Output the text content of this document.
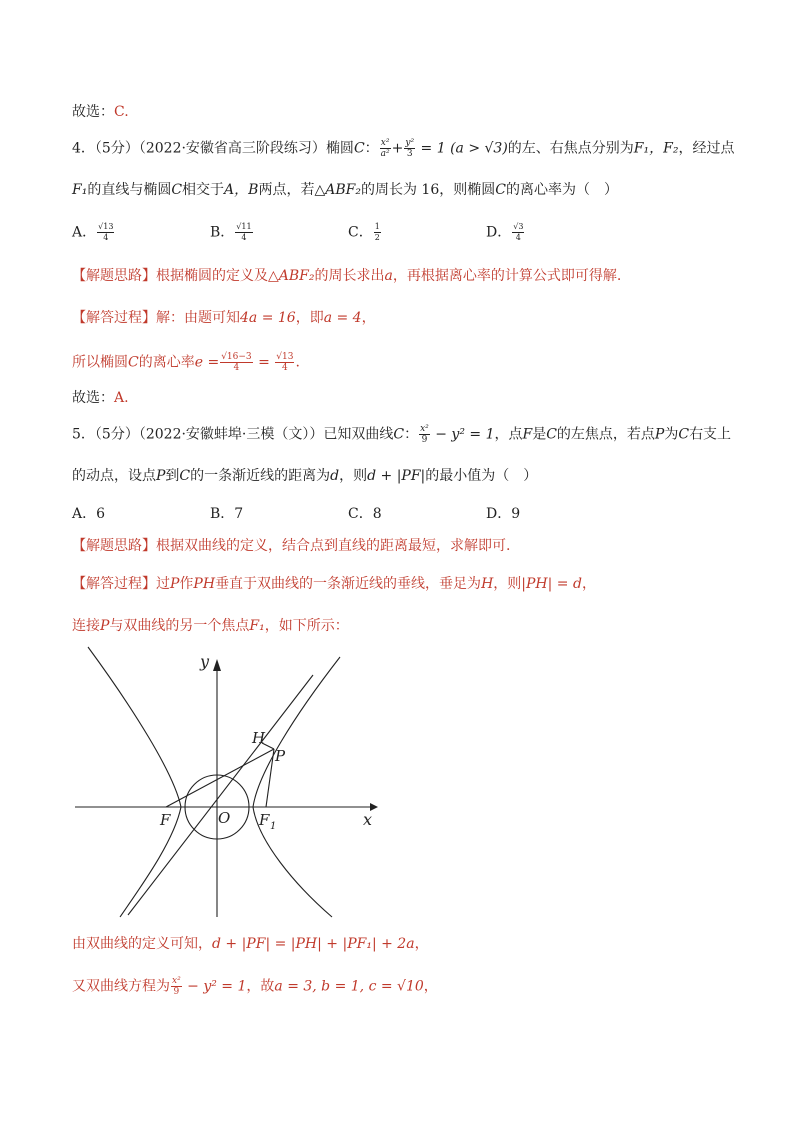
故选：C.
4．（5分）（2022·安徽省高三阶段练习）椭圆C： $\frac{\text{x²}}{\text{a²}} + \frac{\text{y²}}{3} = 1$ (a > √3)的左、右焦点分别为F₁，F₂，经过点
F₁的直线与椭圆C相交于A，B两点，若△ABF₂的周长为 16，则椭圆C的离心率为（　）
A． $\frac{√13}{4}$	B． $\frac{√11}{4}$	C． $\frac{1}{2}$	D． $\frac{√3}{4}$
【解题思路】根据椭圆的定义及△ABF₂的周长求出a，再根据离心率的计算公式即可得解.
【解答过程】解：由题可知4a = 16，即a = 4，
所以椭圆C的离心率$e = \frac{√16-3}{4} = \frac{√13}{4}$ .
故选：A.
5．（5分）（2022·安徽蚌埠·三模（文））已知双曲线C： $\frac{\text{x²}}{9} - y^2 = 1$，点F是C的左焦点，若点P为C右支上
的动点，设点P到C的一条渐近线的距离为d，则d + |PF|的最小值为（　）
A．6	B．7	C．8	D．9
【解题思路】根据双曲线的定义，结合点到直线的距离最短，求解即可.
【解答过程】过P作PH垂直于双曲线的一条渐近线的垂线，垂足为H，则|PH| = d，
连接P与双曲线的另一个焦点F₁，如下所示：
y
x
O
F	F 1
H
P
由双曲线的定义可知，d + |PF| = |PH| + |PF₁| + 2a，
又双曲线方程为 $\frac{\text{x²}}{9} - y^2 = 1$，故a = 3, b = 1, c = √10，
